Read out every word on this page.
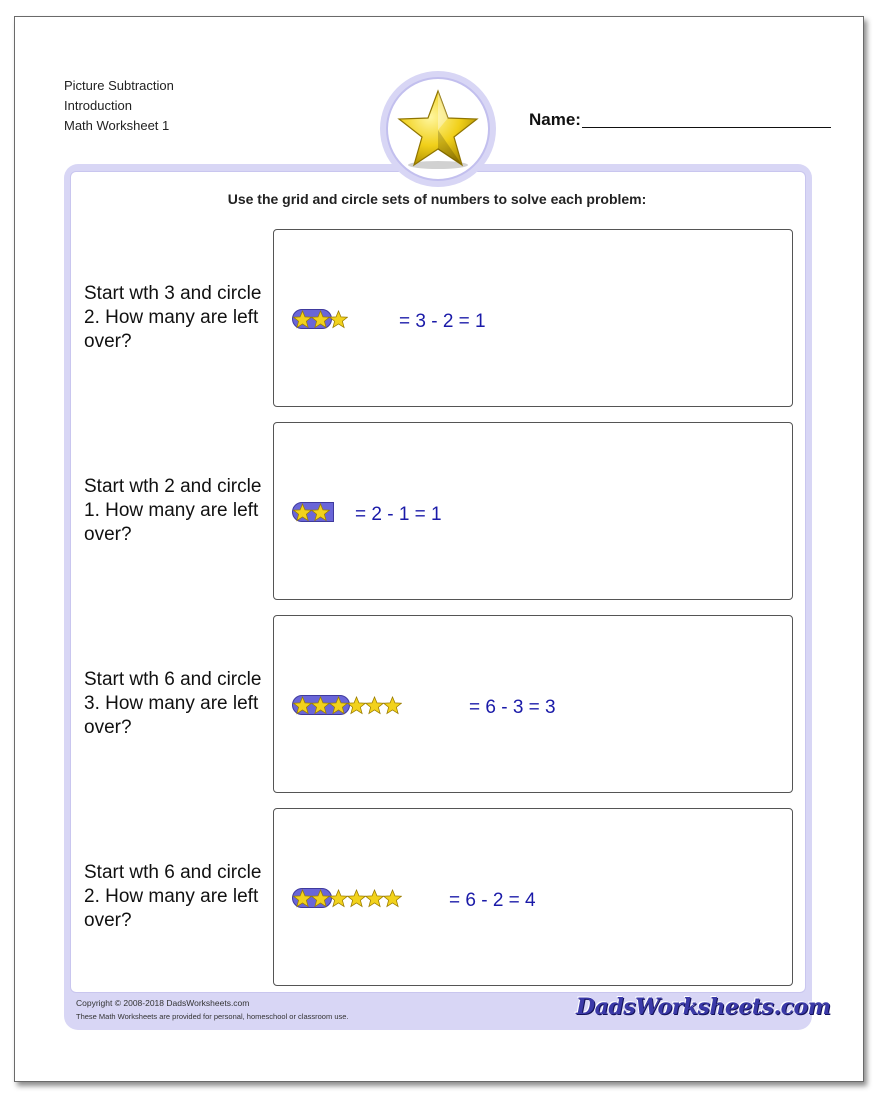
Picture Subtraction
Introduction
Math Worksheet 1	Name:
Use the grid and circle sets of numbers to solve each problem:
Start wth 3 and circle 2. How many are left over?
= 3 - 2 = 1
Start wth 2 and circle 1. How many are left over?
= 2 - 1 = 1
Start wth 6 and circle 3. How many are left over?
= 6 - 3 = 3
Start wth 6 and circle 2. How many are left over?
= 6 - 2 = 4
Copyright © 2008-2018 DadsWorksheets.com
These Math Worksheets are provided for personal, homeschool or classroom use.	DadsWorksheets.com
